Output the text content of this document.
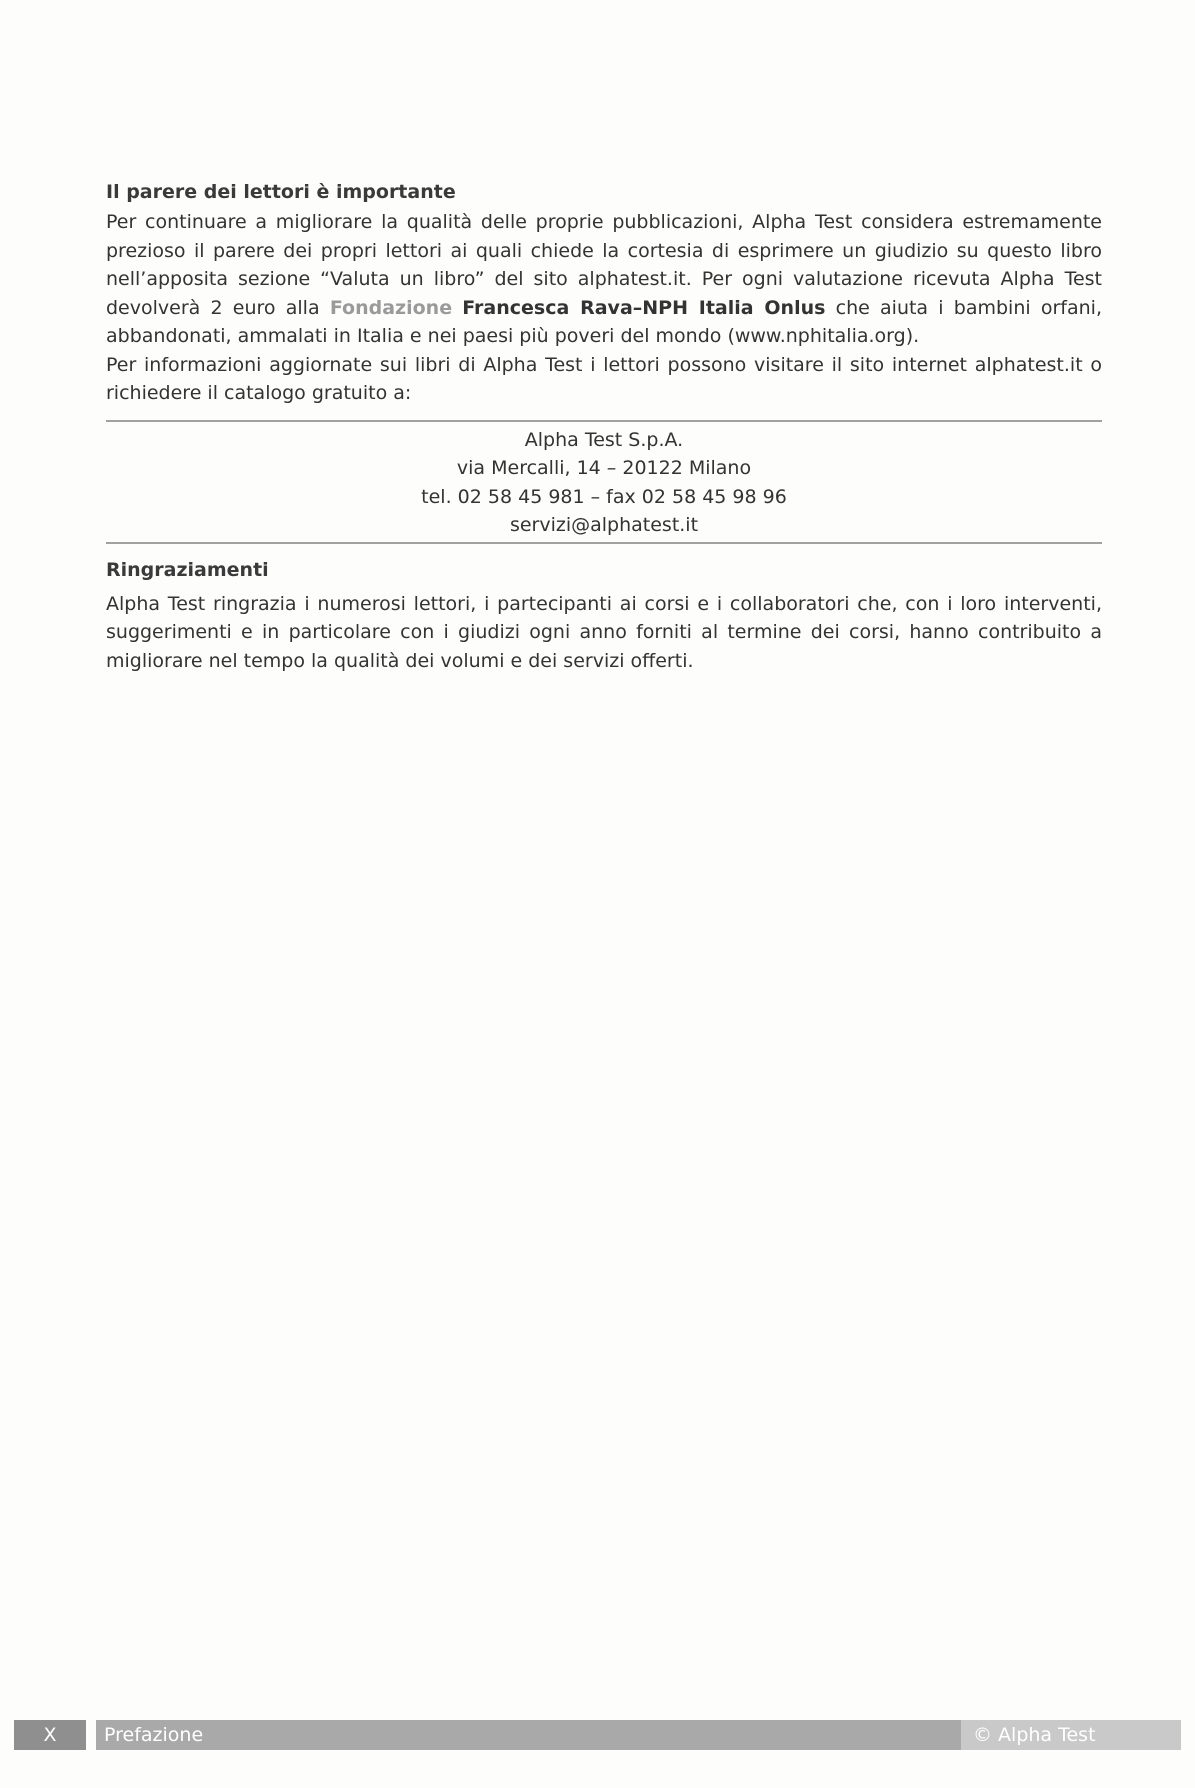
Il parere dei lettori è importante

Per continuare a migliorare la qualità delle proprie pubblicazioni, Alpha Test considera estremamente prezioso il parere dei propri lettori ai quali chiede la cortesia di esprimere un giudizio su questo libro nell’apposita sezione “Valuta un libro” del sito alphatest.it. Per ogni valutazione ricevuta Alpha Test devolverà 2 euro alla Fondazione Francesca Rava–NPH Italia Onlus che aiuta i bambini orfani, abbandonati, ammalati in Italia e nei paesi più poveri del mondo (www.nphitalia.org).

Per informazioni aggiornate sui libri di Alpha Test i lettori possono visitare il sito internet alphatest.it o richiedere il catalogo gratuito a:

Alpha Test S.p.A.
via Mercalli, 14 – 20122 Milano
tel. 02 58 45 981 – fax 02 58 45 98 96
servizi@alphatest.it
Ringraziamenti

Alpha Test ringrazia i numerosi lettori, i partecipanti ai corsi e i collaboratori che, con i loro interventi, suggerimenti e in particolare con i giudizi ogni anno forniti al termine dei corsi, hanno contribuito a migliorare nel tempo la qualità dei volumi e dei servizi offerti.

X	Prefazione	© Alpha Test
